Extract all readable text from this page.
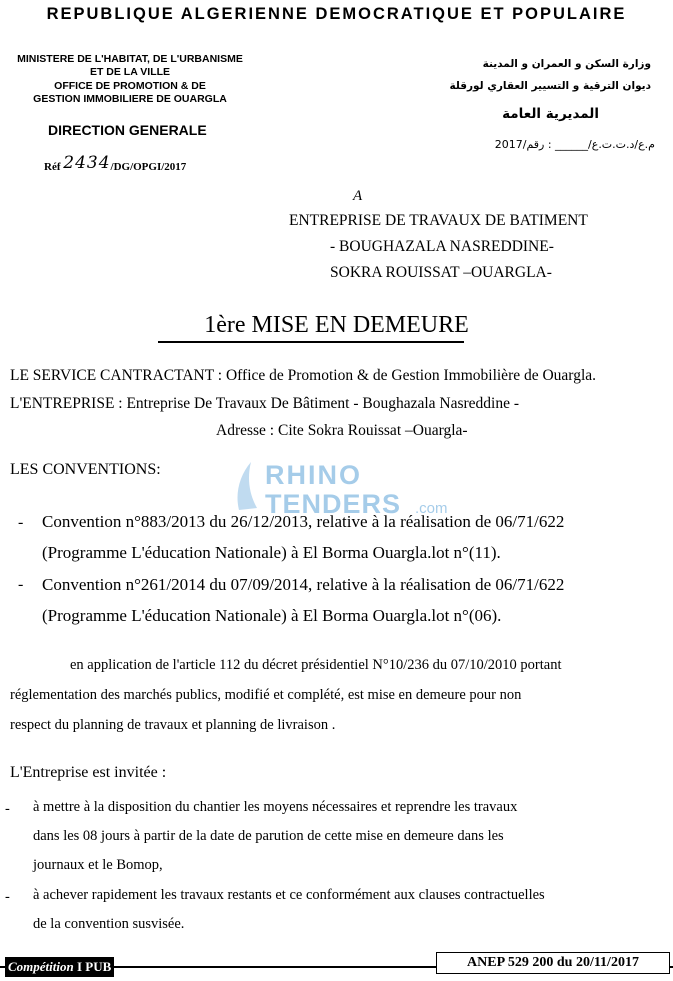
REPUBLIQUE ALGERIENNE DEMOCRATIQUE ET POPULAIRE
MINISTERE DE L'HABITAT, DE L'URBANISME
ET DE LA VILLE
OFFICE DE PROMOTION & DE
GESTION IMMOBILIERE DE OUARGLA
DIRECTION GENERALE
Réf 2434/DG/OPGI/2017
وزارة السكن و العمران و المدينة
ديوان الترقية و التسيير العقاري لورقلة
المديرية العامة
2017/م.ع/د.ت.ت.ع/______ : رقم
A
ENTREPRISE DE TRAVAUX DE BATIMENT
- BOUGHAZALA NASREDDINE-
SOKRA ROUISSAT –OUARGLA-
1ère MISE EN DEMEURE
LE SERVICE CANTRACTANT : Office de Promotion & de Gestion Immobilière de Ouargla.
L'ENTREPRISE : Entreprise De Travaux De Bâtiment - Boughazala Nasreddine -
Adresse : Cite Sokra Rouissat –Ouargla-
LES CONVENTIONS:
- Convention n°883/2013 du 26/12/2013, relative à la réalisation de 06/71/622
(Programme L'éducation Nationale) à El Borma Ouargla.lot n°(11).
- Convention n°261/2014 du 07/09/2014, relative à la réalisation de 06/71/622
(Programme L'éducation Nationale) à El Borma Ouargla.lot n°(06).
en application de l'article 112 du décret présidentiel N°10/236 du 07/10/2010 portant
réglementation des marchés publics, modifié et complété, est mise en demeure pour non
respect du planning de travaux et planning de livraison .
L'Entreprise est invitée :
- à mettre à la disposition du chantier les moyens nécessaires et reprendre les travaux
dans les 08 jours à partir de la date de parution de cette mise en demeure dans les
journaux et le Bomop,
- à achever rapidement les travaux restants et ce conformément aux clauses contractuelles
de la convention susvisée.
RHINO
TENDERS .com
Compétition I PUB	ANEP 529 200 du 20/11/2017
